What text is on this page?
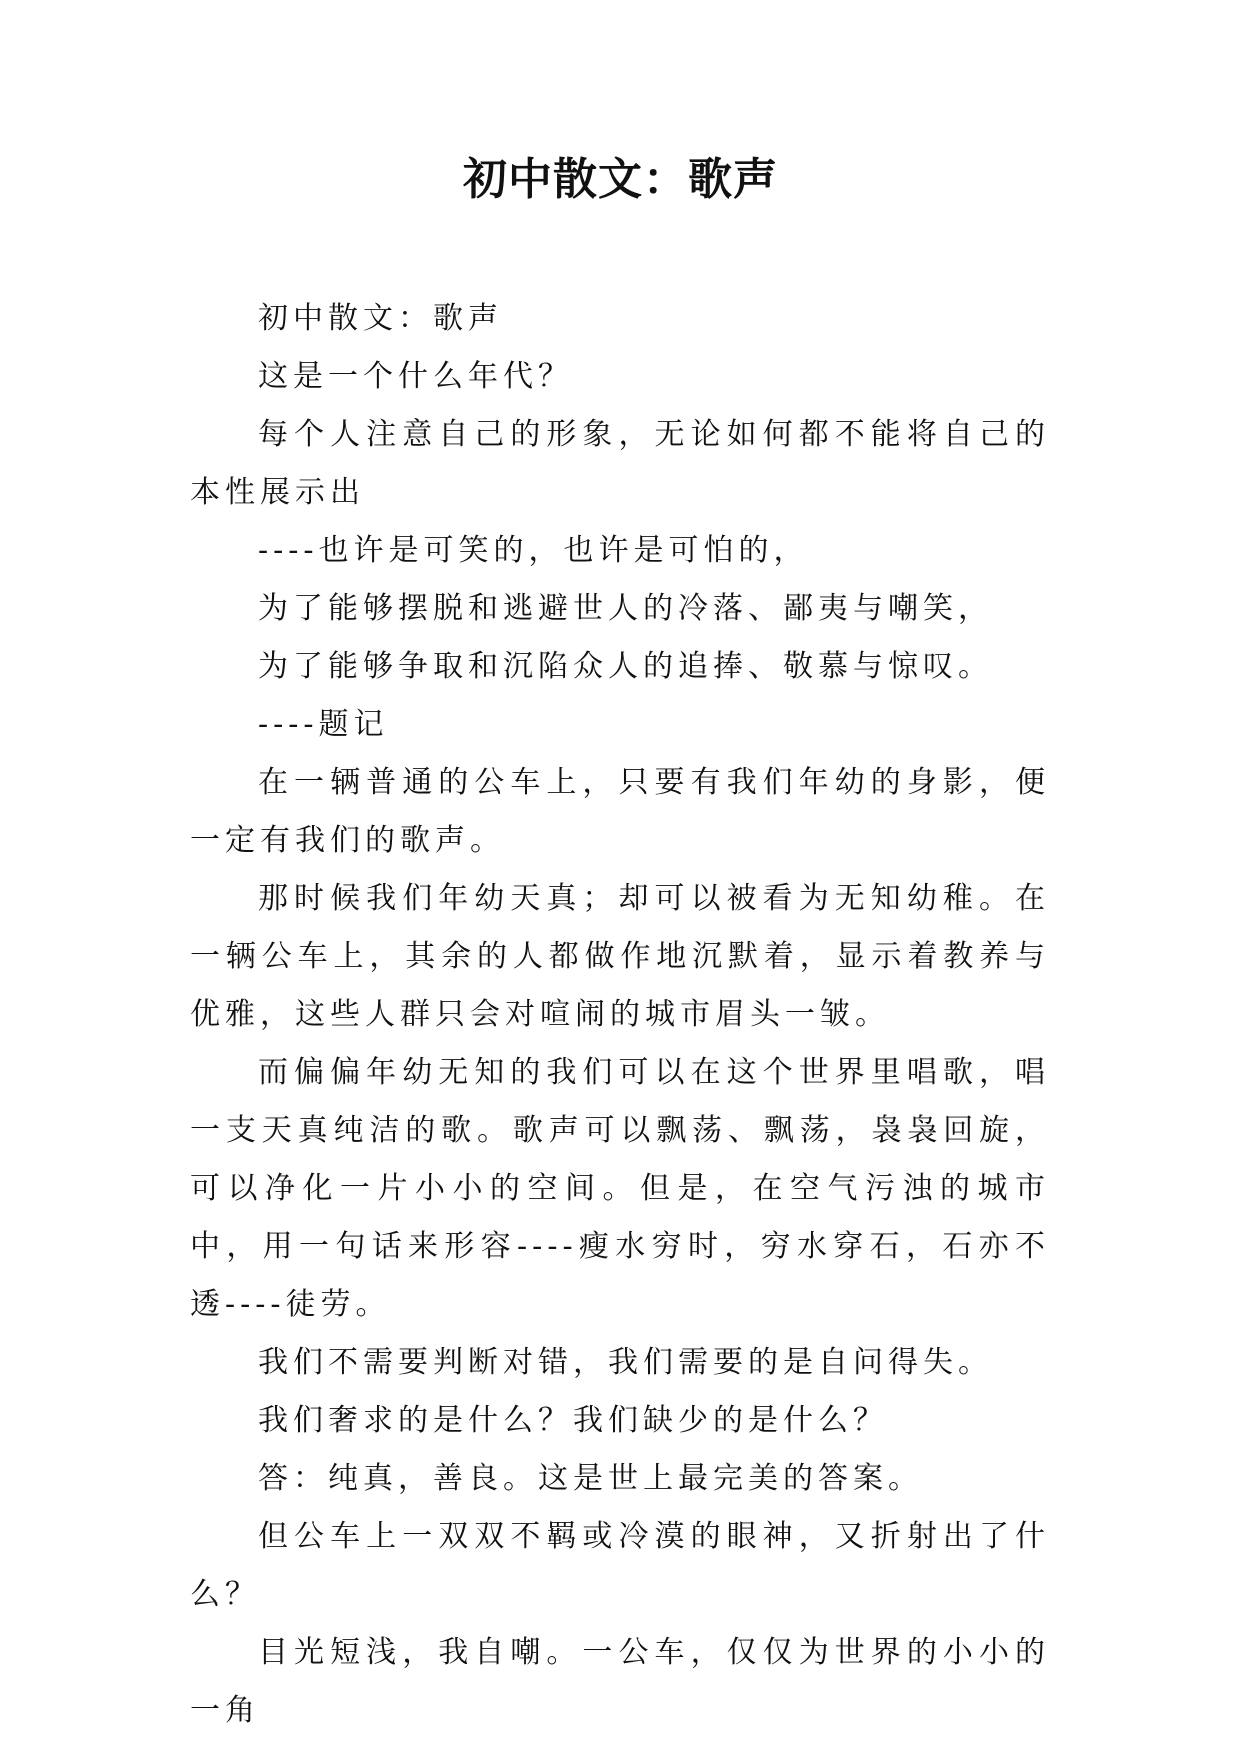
初中散文：歌声

初中散文：歌声

这是一个什么年代？

每个人注意自己的形象，无论如何都不能将自己的本性展示出

----也许是可笑的，也许是可怕的，

为了能够摆脱和逃避世人的冷落、鄙夷与嘲笑，

为了能够争取和沉陷众人的追捧、敬慕与惊叹。

----题记

在一辆普通的公车上，只要有我们年幼的身影，便一定有我们的歌声。

那时候我们年幼天真；却可以被看为无知幼稚。在一辆公车上，其余的人都做作地沉默着，显示着教养与优雅，这些人群只会对喧闹的城市眉头一皱。

而偏偏年幼无知的我们可以在这个世界里唱歌，唱一支天真纯洁的歌。歌声可以飘荡、飘荡，袅袅回旋，可以净化一片小小的空间。但是，在空气污浊的城市中，用一句话来形容----瘦水穷时，穷水穿石，石亦不透----徒劳。

我们不需要判断对错，我们需要的是自问得失。

我们奢求的是什么？我们缺少的是什么？

答：纯真，善良。这是世上最完美的答案。

但公车上一双双不羁或冷漠的眼神，又折射出了什么？

目光短浅，我自嘲。一公车，仅仅为世界的小小的一角
